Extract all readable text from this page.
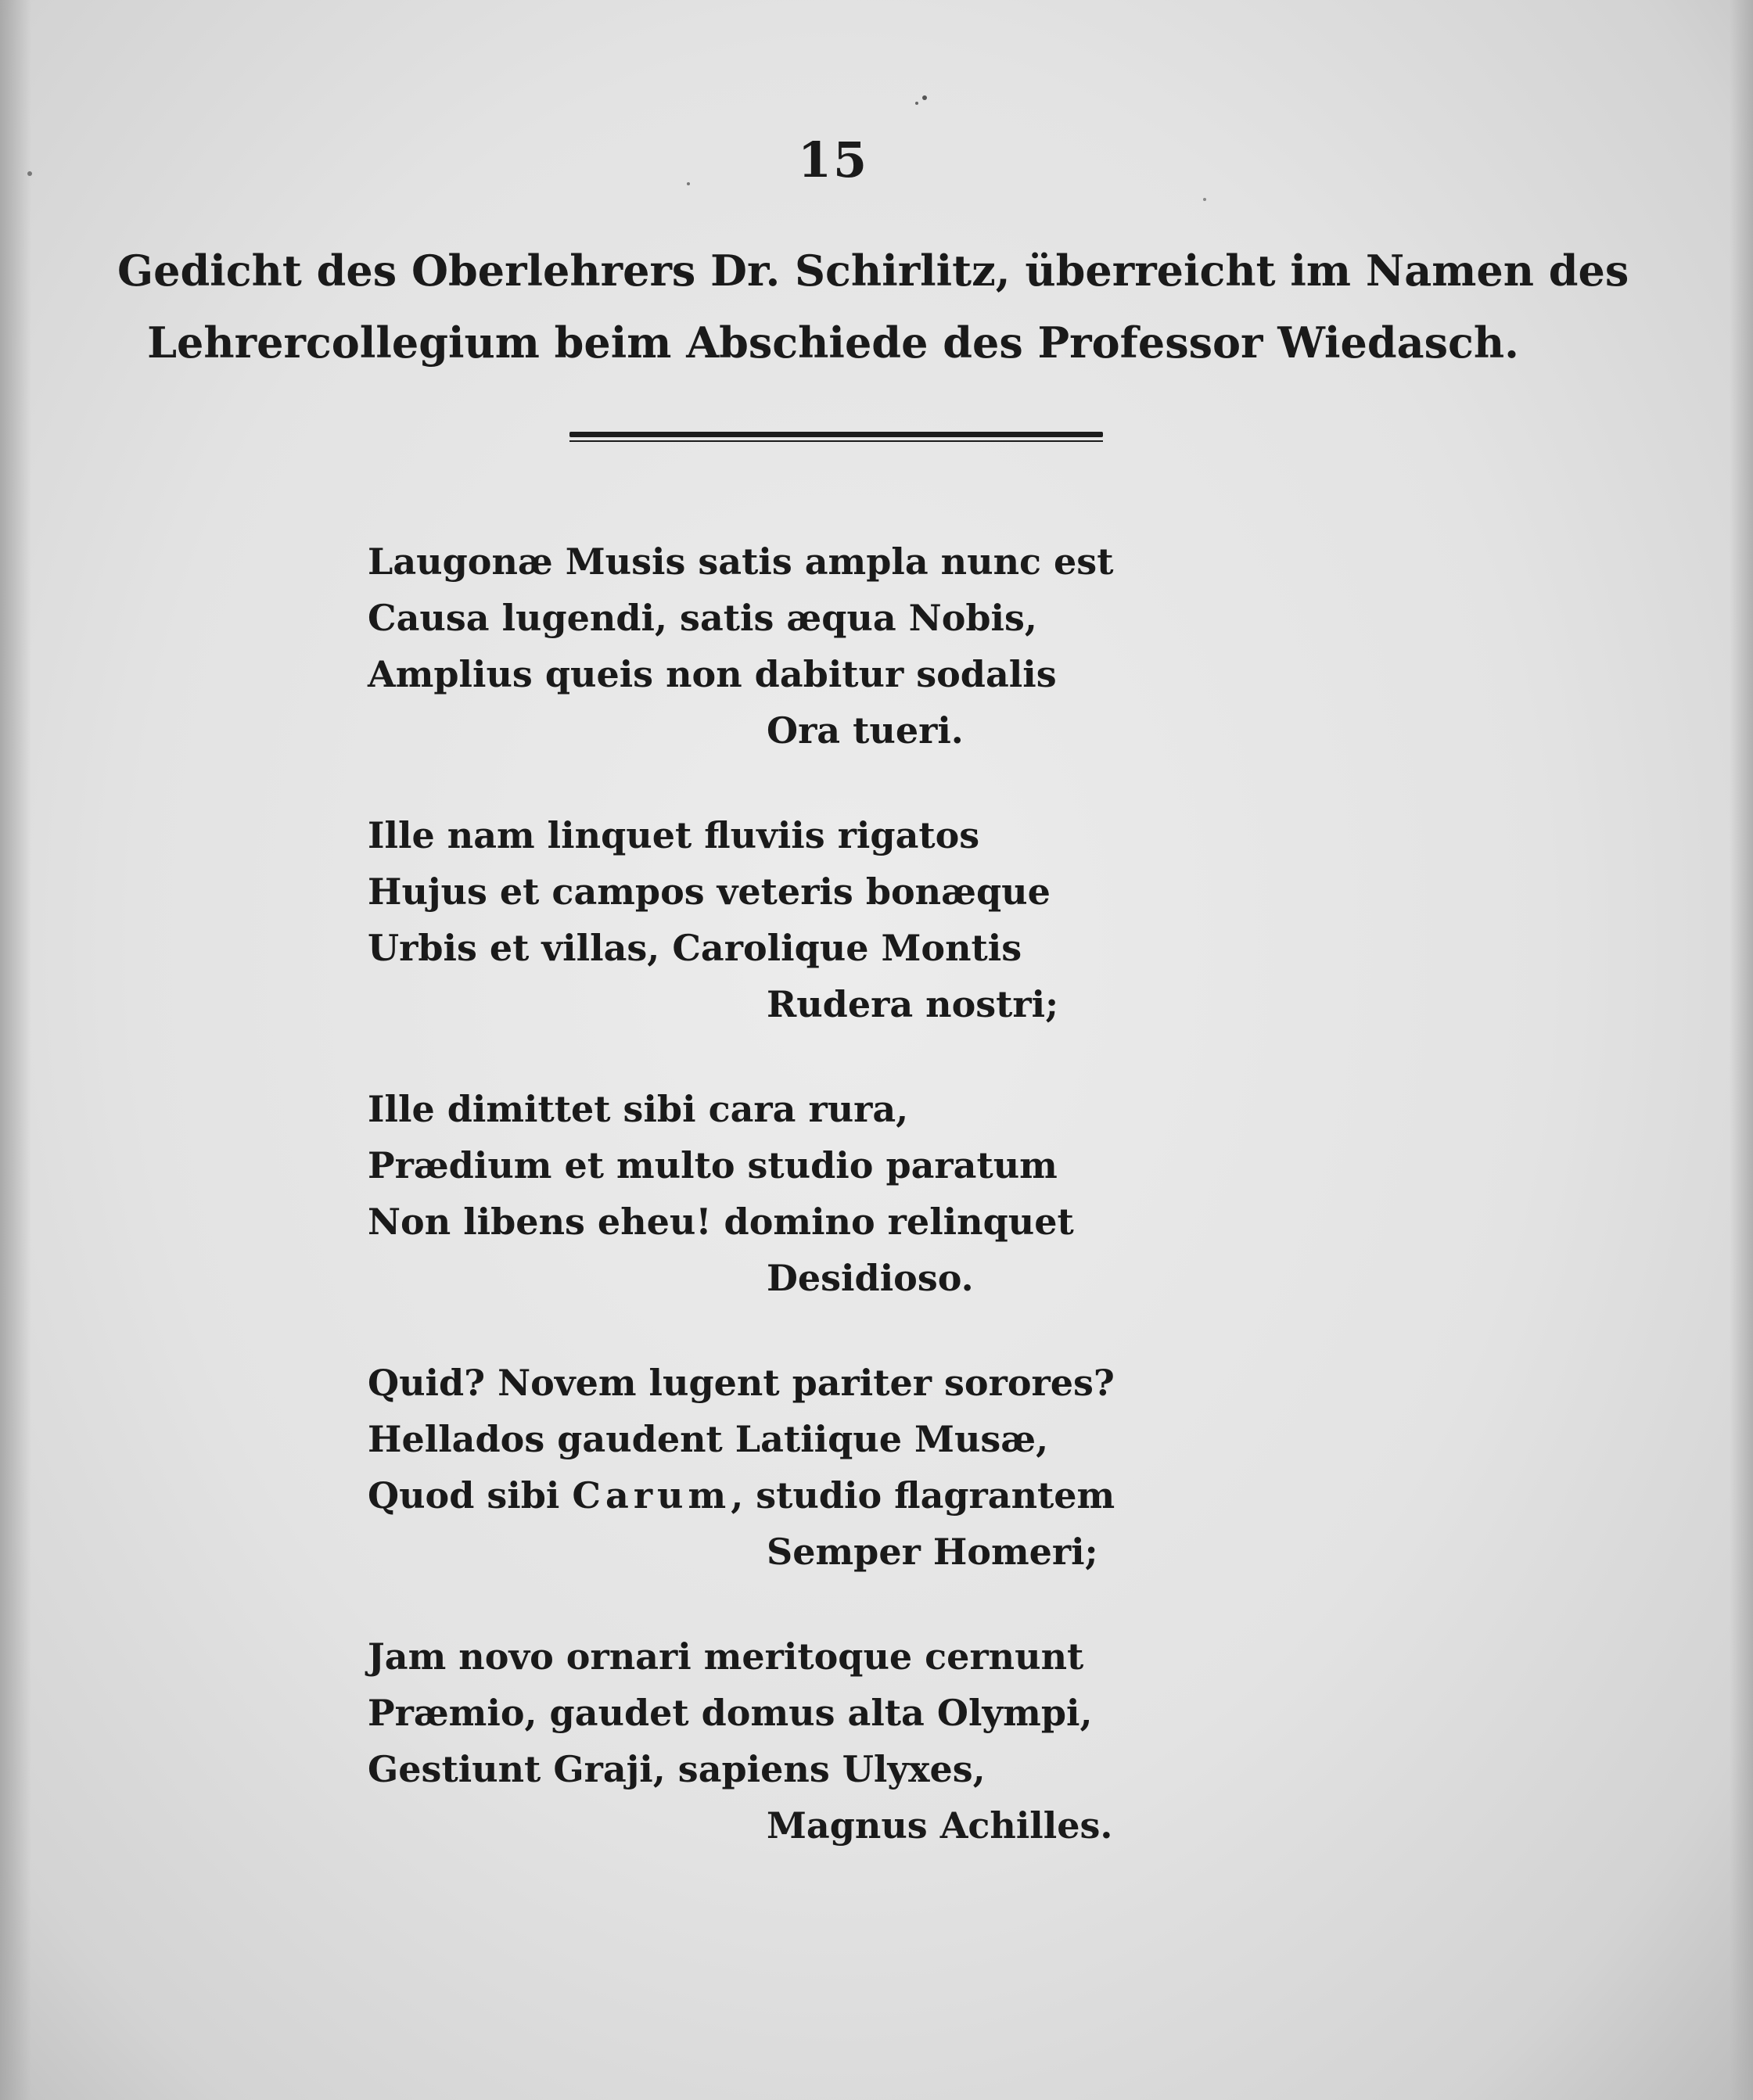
15
Gedicht des Oberlehrers Dr. Schirlitz, überreicht im Namen des
Lehrercollegium beim Abschiede des Professor Wiedasch.
Laugonæ Musis satis ampla nunc est
Causa lugendi, satis æqua Nobis,
Amplius queis non dabitur sodalis
Ora tueri.
Ille nam linquet fluviis rigatos
Hujus et campos veteris bonæque
Urbis et villas, Carolique Montis
Rudera nostri;
Ille dimittet sibi cara rura,
Prædium et multo studio paratum
Non libens eheu! domino relinquet
Desidioso.
Quid? Novem lugent pariter sorores?
Hellados gaudent Latiique Musæ,
Quod sibi Carum, studio flagrantem
Semper Homeri;
Jam novo ornari meritoque cernunt
Præmio, gaudet domus alta Olympi,
Gestiunt Graji, sapiens Ulyxes,
Magnus Achilles.
